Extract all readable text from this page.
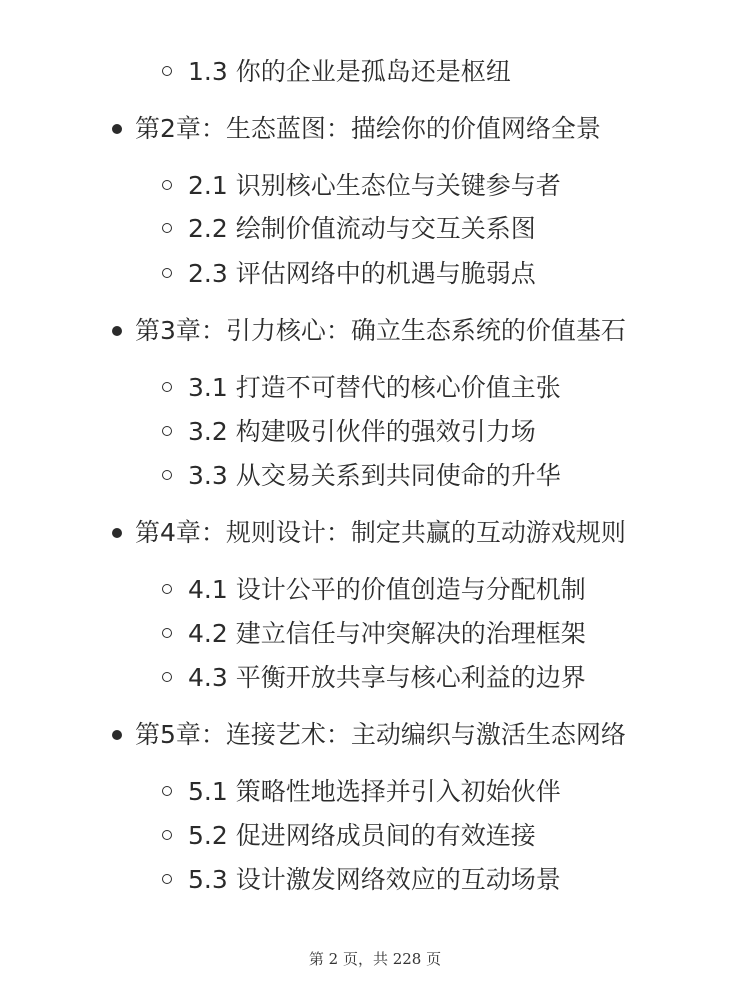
1.3 你的企业是孤岛还是枢纽
第2章：生态蓝图：描绘你的价值网络全景
2.1 识别核心生态位与关键参与者
2.2 绘制价值流动与交互关系图
2.3 评估网络中的机遇与脆弱点
第3章：引力核心：确立生态系统的价值基石
3.1 打造不可替代的核心价值主张
3.2 构建吸引伙伴的强效引力场
3.3 从交易关系到共同使命的升华
第4章：规则设计：制定共赢的互动游戏规则
4.1 设计公平的价值创造与分配机制
4.2 建立信任与冲突解决的治理框架
4.3 平衡开放共享与核心利益的边界
第5章：连接艺术：主动编织与激活生态网络
5.1 策略性地选择并引入初始伙伴
5.2 促进网络成员间的有效连接
5.3 设计激发网络效应的互动场景
第 2 页，共 228 页
